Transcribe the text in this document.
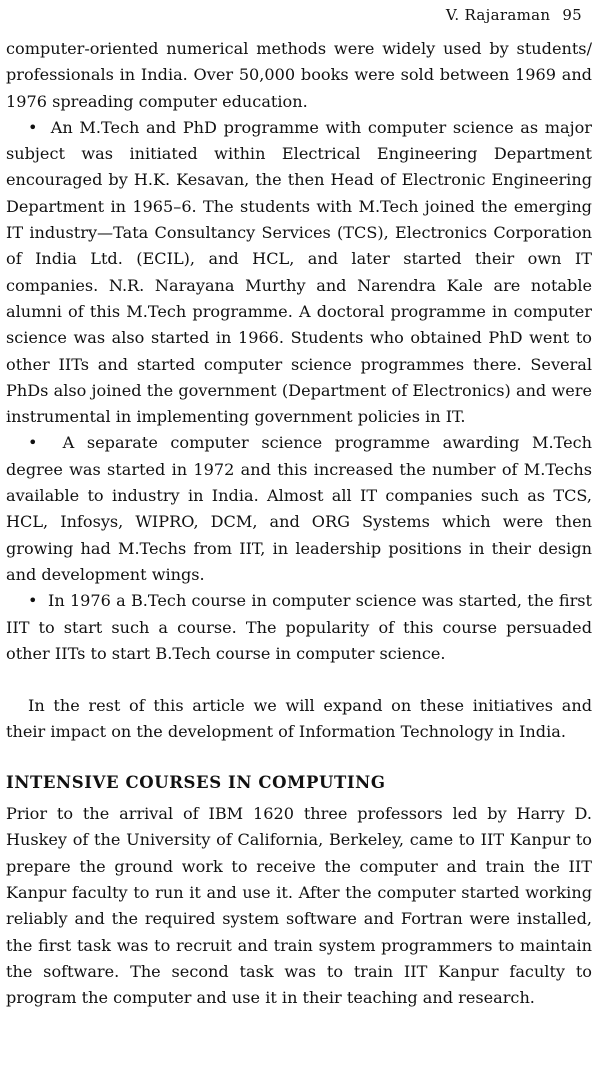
V. Rajaraman 95

computer-oriented numerical methods were widely used by students/ professionals in India. Over 50,000 books were sold between 1969 and 1976 spreading computer education.

• An M.Tech and PhD programme with computer science as major subject was initiated within Electrical Engineering Department encouraged by H.K. Kesavan, the then Head of Electronic Engineering Department in 1965–6. The students with M.Tech joined the emerging IT industry—Tata Consultancy Services (TCS), Electronics Corporation of India Ltd. (ECIL), and HCL, and later started their own IT companies. N.R. Narayana Murthy and Narendra Kale are notable alumni of this M.Tech programme. A doctoral programme in computer science was also started in 1966. Students who obtained PhD went to other IITs and started computer science programmes there. Several PhDs also joined the government (Department of Electronics) and were instrumental in implementing government policies in IT.

• A separate computer science programme awarding M.Tech degree was started in 1972 and this increased the number of M.Techs available to industry in India. Almost all IT companies such as TCS, HCL, Infosys, WIPRO, DCM, and ORG Systems which were then growing had M.Techs from IIT, in leadership positions in their design and development wings.

• In 1976 a B.Tech course in computer science was started, the first IIT to start such a course. The popularity of this course persuaded other IITs to start B.Tech course in computer science.

In the rest of this article we will expand on these initiatives and their impact on the development of Information Technology in India.

INTENSIVE COURSES IN COMPUTING

Prior to the arrival of IBM 1620 three professors led by Harry D. Huskey of the University of California, Berkeley, came to IIT Kanpur to prepare the ground work to receive the computer and train the IIT Kanpur faculty to run it and use it. After the computer started working reliably and the required system software and Fortran were installed, the first task was to recruit and train system programmers to maintain the software. The second task was to train IIT Kanpur faculty to program the computer and use it in their teaching and research.
